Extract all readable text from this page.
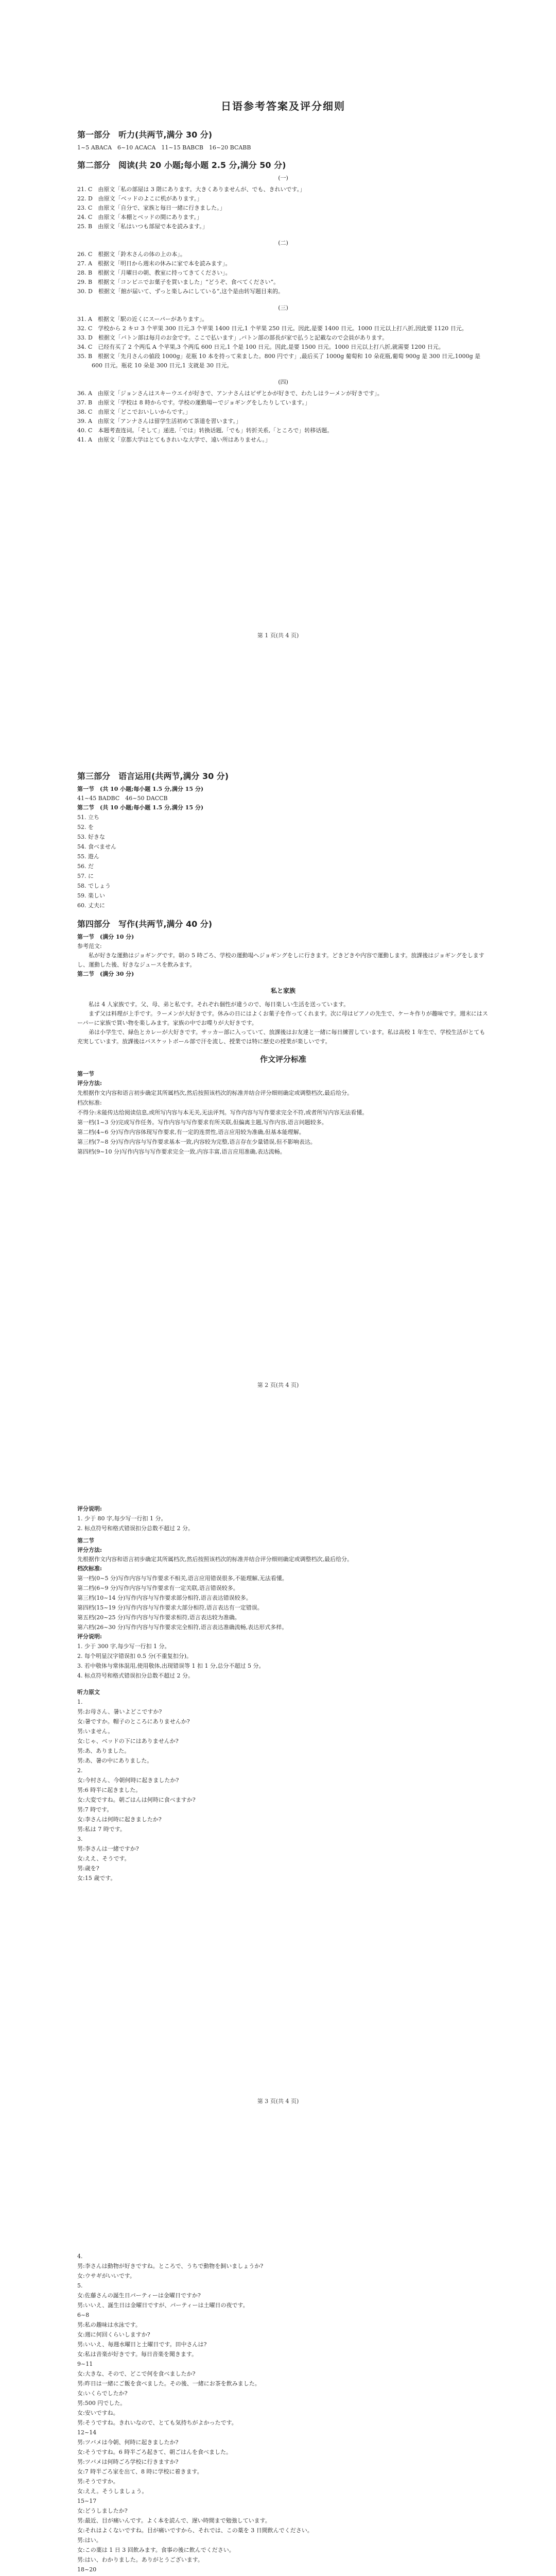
日语参考答案及评分细则
第一部分　听力(共两节,满分 30 分)
1~5 ABACA　6~10 ACACA　11~15 BABCB　16~20 BCABB
第二部分　阅读(共 20 小题;每小题 2.5 分,满分 50 分)
(一)
21. C　由原文「私の部屋は 3 階にあります。大きくありませんが、でも、きれいです。」
22. D　由原文「ベッドのよこに机があります。」
23. C　由原文「自分で、家族と毎日一緒に行きました。」
24. C　由原文「本棚とベッドの間にあります。」
25. B　由原文「私はいつも部屋で本を読みます。」
(二)
26. C　根据文「鈴木さんの体の上の本」。
27. A　根据文「明日から週末の休みに家で本を読みます」。
28. B　根据文「月曜日の朝、教室に持ってきてください」。
29. B　根据文「コンビニでお菓子を買いました」“どうぞ、食べてください”。
30. D　根据文「館が届いて、ずっと楽しみにしている”,这个是由转写题目来的。
(三)
31. A　根据文「駅の近くにスーパーがあります」。
32. C　学校から 2 キロ 3 个苹果 300 日元,3 个苹果 1400 日元,1 个苹果 250 日元。因此,是要 1400 日元。1000 日元以上打八折,因此要 1120 日元。
33. D　根据文「バトン部は毎月のお金です。ここで払います」,バトン部の部長が家で払うと記載なので会員があります。
34. C　已经有买了 2 个两瓜 A 个苹果,3 个两瓜 600 日元,1 个是 100 日元。因此,是要 1500 日元。1000 日元以上打八折,就需要 1200 日元。
35. B　根据文「先月さんの値段 1000g」花瓶 10 本を持って来ました。800 円です」,最后买了 1000g 葡萄和 10 朵花瓶,葡萄 900g 是 300 日元,1000g 是 600 日元。瓶花 10 朵是 300 日元,1 支就是 30 日元。
(四)
36. A　由原文「ジョンさんはスキーウエイが好きで、アンナさんはピザとかが好きで、わたしはラーメンが好きです」。
37. B　由原文「学校は 8 時からです。学校の運動場ーでジョギングをしたりしています。」
38. C　由原文「どこでおいしいからです。」
39. A　由原文「アンナさんは留学生活初めて茶道を習います。」
40. C　本题考查连词。「そして」递进,「では」转换话题,「でも」转折关系,「ところで」转移话题。
41. A　由原文「京都大学はとてもきれいな大学で、遠い所はありません。」
第 1 页(共 4 页)
第三部分　语言运用(共两节,满分 30 分)
第一节　(共 10 小题;每小题 1.5 分,满分 15 分)
41~45 BADBC　46~50 DACCB
第二节　(共 10 小题;每小题 1.5 分,满分 15 分)
51. 立ち
52. を
53. 好きな
54. 食べません
55. 遊ん
56. だ
57. に
58. でしょう
59. 楽しい
60. 丈夫に
第四部分　写作(共两节,满分 40 分)
第一节　(满分 10 分)
参考范文:
私が好きな運動はジョギングです。朝の 5 時ごろ、学校の運動場へジョギングをしに行きます。どきどきや内容で運動します。放課後はジョギングをしますし、運動した後、好きなジュースを飲みます。
第二节　(满分 30 分)
私と家族
私は 4 人家族です。父、母、弟と私です。それぞれ個性が違うので、毎日楽しい生活を送っています。
まず父は料理が上手です。ラーメンが大好きです。休みの日にはよくお菓子を作ってくれます。次に母はピアノの先生で、ケーキ作りが趣味です。週末にはスーパーに家族で買い物を楽しみます。家族の中でお喋りが大好きです。
弟は小学生で、緑色とカレーが大好きです。サッカー部に入っていて、放課後はお友達と一緒に毎日練習しています。私は高校 1 年生で、学校生活がとても充実しています。放課後はバスケットボール部で汗を流し、授業では特に歴史の授業が楽しいです。
作文评分标准
第一节
评分方法:
先根据作文内容和语言初步确定其所属档次,然后按照该档次的标准并结合评分细则确定或调整档次,最后给分。
档次标准:
不得分:未能传达给阅读信息,或所写内容与本无关,无法评判。写作内容与写作要求完全不符,或者所写内容无法看懂。
第一档(1~3 分)完成写作任务。写作内容与写作要求有所关联,但偏离主题,写作内容,语言问题较多。
第二档(4~6 分)写作内容体现写作要求,有一定的连贯性,语言应用较为准确,但基本能理解。
第三档(7~8 分)写作内容与写作要求基本一致,内容较为完整,语言存在少量错误,但不影响表达。
第四档(9~10 分)写作内容与写作要求完全一致,内容丰富,语言应用准确,表达流畅。
第 2 页(共 4 页)
评分说明:
1. 少于 80 字,每少写一行扣 1 分。
2. 标点符号和格式错误扣分总数不超过 2 分。
第二节
评分方法:
先根据作文内容和语言初步确定其所属档次,然后按照该档次的标准并结合评分细则确定或调整档次,最后给分。
档次标准:
第一档(0~5 分)写作内容与写作要求不相关,语言应用错误很多,不能理解,无法看懂。
第二档(6~9 分)写作内容与写作要求有一定关联,语言错误较多。
第三档(10~14 分)写作内容与写作要求部分相符,语言表达错误较多。
第四档(15~19 分)写作内容与写作要求大部分相符,语言表达有一定错误。
第五档(20~25 分)写作内容与写作要求相符,语言表达较为准确。
第六档(26~30 分)写作内容与写作要求完全相符,语言表达准确流畅,表达形式多样。
评分说明:
1. 少于 300 字,每少写一行扣 1 分。
2. 每个明显汉字错误扣 0.5 分(不重复扣分)。
3. 若中敬体与常体混用,使用敬体,出现错误等 1 扣 1 分,总分不超过 5 分。
4. 标点符号和格式错误扣分总数不超过 2 分。
听力原文
1.
男:お母さん、暑いよどこですか?
女:暑ですか。帽子のところにありませんか?
男:いません。
女:じゃ、ベッドの下にはありませんか?
男:あ、ありました。
男:あ、暑の中にありました。
2.
女:今村さん、今朝何時に起きましたか?
男:6 時半に起きました。
女:大変ですね。朝ごはんは何時に食べますか?
男:7 時です。
女:李さんは何時に起きましたか?
男:私は 7 時です。
3.
男:李さんは一緒ですか?
女:ええ、そうです。
男:歳を?
女:15 歳です。
第 3 页(共 4 页)
4.
男:李さんは動物が好きですね。ところで、うちで動物を飼いましょうか?
女:ウサギがいいです。
5.
女:佐藤さんの誕生日パーティーは金曜日ですか?
男:いいえ、誕生日は金曜日ですが、パーティーは土曜日の夜です。
6~8
男:私の趣味は水泳です。
女:週に何回くらいしますか?
男:いいえ、毎週水曜日と土曜日です。田中さんは?
女:私は音楽が好きです。毎日音楽を聞きます。
9~11
女:大きな、そので、どこで何を食べましたか?
男:昨日は一緒にご飯を食べました。その後、一緒にお茶を飲みました。
女:いくらでしたか?
男:500 円でした。
女:安いですね。
男:そうですね。きれいなので、とても気持ちがよかったです。
12~14
男:ツバメは今朝、何時に起きましたか?
女:そうですね。6 時半ごろ起きて、朝ごはんを食べました。
男:ツバメは何時ごろ学校に行きますか?
女:7 時半ごろ家を出て、8 時に学校に着きます。
男:そうですか。
女:ええ。そうしましょう。
15~17
女:どうしましたか?
男:最近、目が痛いんです。よく本を読んで、遅い時間まで勉強しています。
女:それはよくないですね。目が痛いですから、それでは、この薬を 3 日間飲んでください。
男:はい。
女:この薬は 1 日 3 回飲みます。食事の後に飲んでください。
男:はい、わかりました。ありがとうございます。
18~20
